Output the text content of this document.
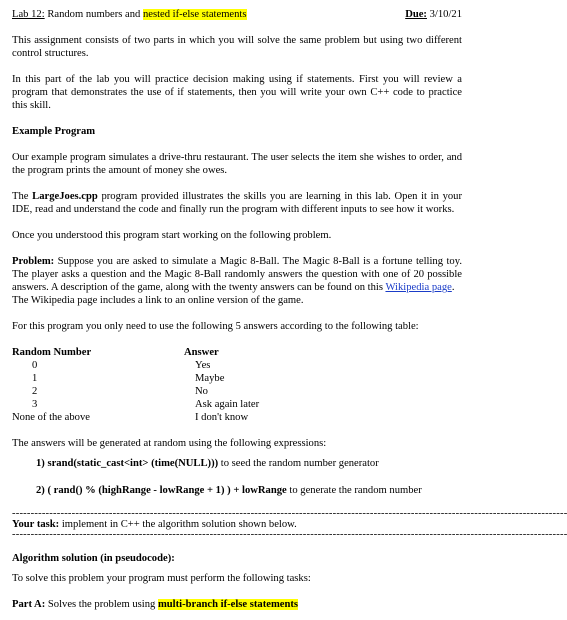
Lab 12: Random numbers and nested if-else statements	Due: 3/10/21

This assignment consists of two parts in which you will solve the same problem but using two different control structures.

In this part of the lab you will practice decision making using if statements. First you will review a program that demonstrates the use of if statements, then you will write your own C++ code to practice this skill.

Example Program

Our example program simulates a drive-thru restaurant. The user selects the item she wishes to order, and the program prints the amount of money she owes.

The LargeJoes.cpp program provided illustrates the skills you are learning in this lab. Open it in your IDE, read and understand the code and finally run the program with different inputs to see how it works.

Once you understood this program start working on the following problem.

Problem: Suppose you are asked to simulate a Magic 8-Ball. The Magic 8-Ball is a fortune telling toy. The player asks a question and the Magic 8-Ball randomly answers the question with one of 20 possible answers. A description of the game, along with the twenty answers can be found on this Wikipedia page.
The Wikipedia page includes a link to an online version of the game.

For this program you only need to use the following 5 answers according to the following table:

Random Number	Answer
0	Yes
1	Maybe
2	No
3	Ask again later
None of the above	I don't know

The answers will be generated at random using the following expressions:

1) srand(static_cast<int> (time(NULL))) to seed the random number generator

2) ( rand() % (highRange - lowRange + 1) ) + lowRange to generate the random number

-----------------------------------------------------------------------------------------------------------------------------------------------------

Your task: implement in C++ the algorithm solution shown below.

-----------------------------------------------------------------------------------------------------------------------------------------------------

Algorithm solution (in pseudocode):

To solve this problem your program must perform the following tasks:

Part A: Solves the problem using multi-branch if-else statements
